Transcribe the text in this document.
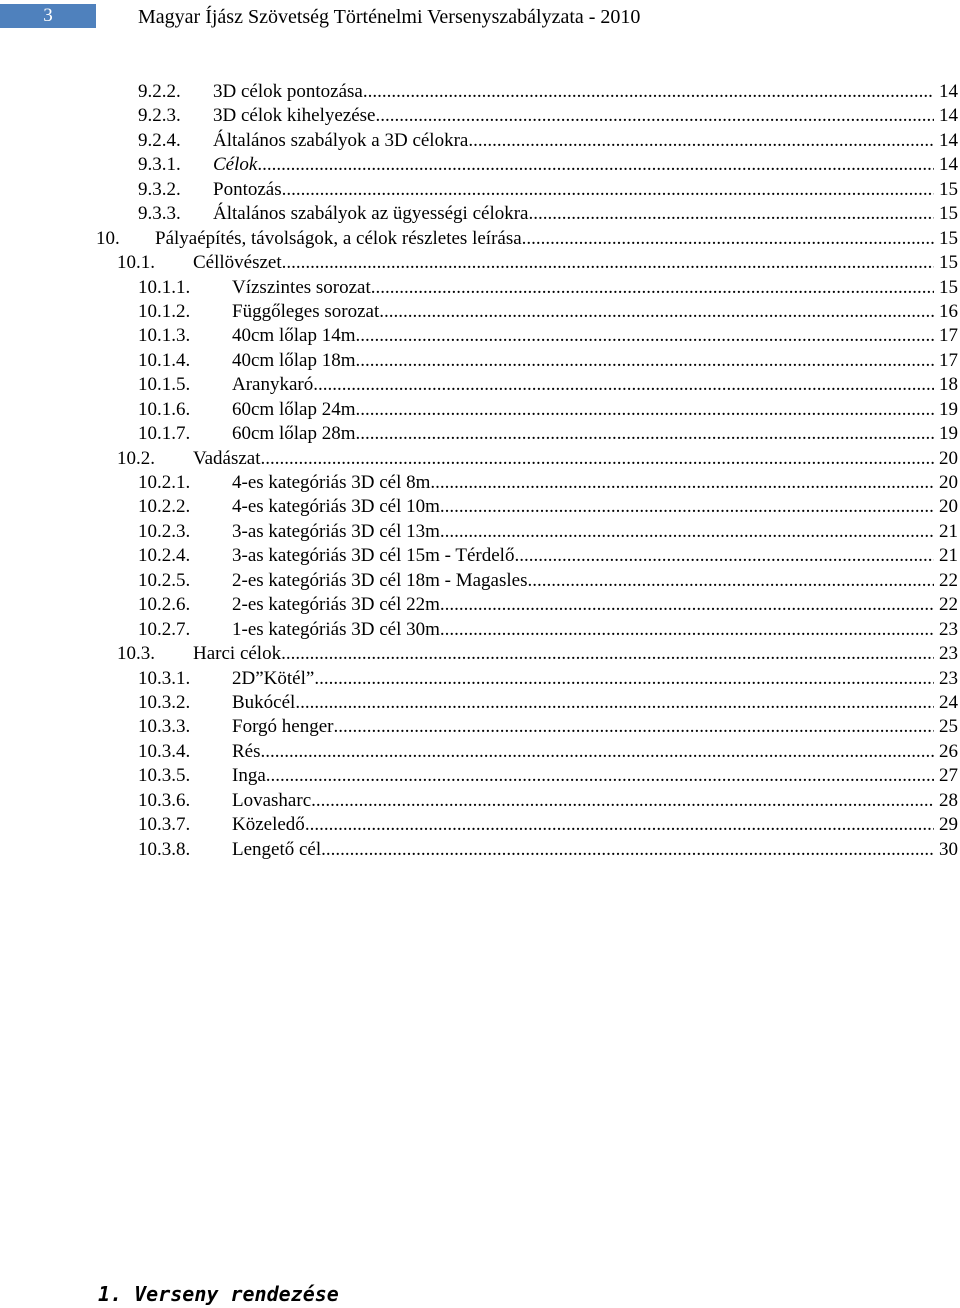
3	Magyar Íjász Szövetség Történelmi Versenyszabályzata - 2010
9.2.2. 3D célok pontozása .....	14
9.2.3. 3D célok kihelyezése .....	14
9.2.4. Általános szabályok a 3D célokra .....	14
9.3.1. Célok .....	14
9.3.2. Pontozás .....	15
9.3.3. Általános szabályok az ügyességi célokra .....	15
10. Pályaépítés, távolságok, a célok részletes leírása .....	15
10.1. Céllövészet .....	15
10.1.1. Vízszintes sorozat .....	15
10.1.2. Függőleges sorozat .....	16
10.1.3. 40cm lőlap 14m .....	17
10.1.4. 40cm lőlap 18m .....	17
10.1.5. Aranykaró .....	18
10.1.6. 60cm lőlap 24m .....	19
10.1.7. 60cm lőlap 28m .....	19
10.2. Vadászat .....	20
10.2.1. 4-es kategóriás 3D cél 8m .....	20
10.2.2. 4-es kategóriás 3D cél 10m .....	20
10.2.3. 3-as kategóriás 3D cél 13m .....	21
10.2.4. 3-as kategóriás 3D cél 15m - Térdelő .....	21
10.2.5. 2-es kategóriás 3D cél 18m - Magasles .....	22
10.2.6. 2-es kategóriás 3D cél 22m .....	22
10.2.7. 1-es kategóriás 3D cél 30m .....	23
10.3. Harci célok .....	23
10.3.1. 2D”Kötél” .....	23
10.3.2. Bukócél .....	24
10.3.3. Forgó henger .....	25
10.3.4. Rés .....	26
10.3.5. Inga .....	27
10.3.6. Lovasharc .....	28
10.3.7. Közeledő .....	29
10.3.8. Lengető cél .....	30
1. Verseny rendezése
